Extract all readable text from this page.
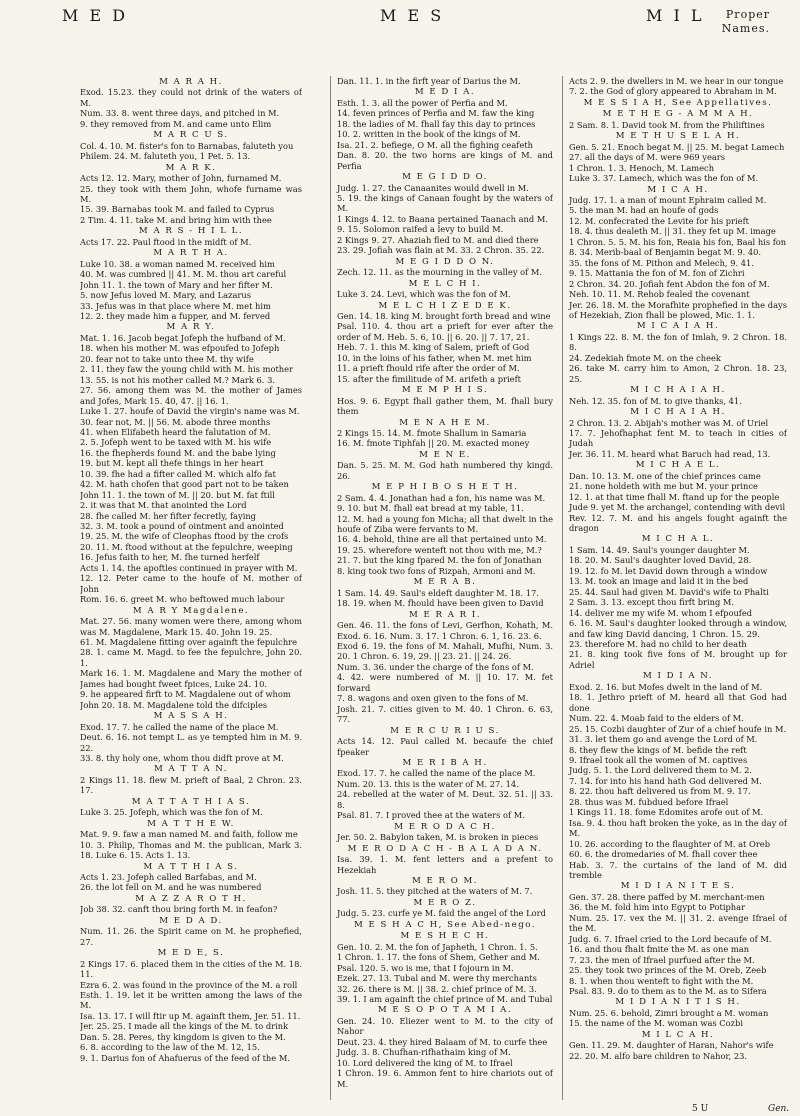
M E D	M E S	M I L	Proper Names.

M A R A H.

Exod. 15.23. they could not drink of the waters of M.

Num. 33. 8. went three days, and pitched in M.

9. they removed from M. and came unto Elim

M A R C U S.

Col. 4. 10. M. fister's fon to Barnabas, faluteth you

Philem. 24. M. faluteth you, 1 Pet. 5. 13.

M A R K.

Acts 12. 12. Mary, mother of John, furnamed M.

25. they took with them John, whofe furname was M.

15. 39. Barnabas took M. and failed to Cyprus

2 Tim. 4. 11. take M. and bring him with thee

M A R S - H I L L.

Acts 17. 22. Paul ftood in the midft of M.

M A R T H A.

Luke 10. 38. a woman named M. received him

40. M. was cumbred || 41. M. M. thou art careful

John 11. 1. the town of Mary and her fifter M.

5. now Jefus loved M. Mary, and Lazarus

33. Jefus was in that place where M. met him

12. 2. they made him a fupper, and M. ferved

M A R Y.

Mat. 1. 16. Jacob begat Jofeph the hufband of M.

18. when his mother M. was efpoufed to Jofeph

20. fear not to take unto thee M. thy wife

2. 11. they faw the young child with M. his mother

13. 55. is not his mother called M.? Mark 6. 3.

27. 56. among them was M. the mother of James and Jofes, Mark 15. 40, 47. || 16. 1.

Luke 1. 27. houfe of David the virgin's name was M.

30. fear not, M. || 56. M. abode three months

41. when Elifabeth heard the falutation of M.

2. 5. Jofeph went to be taxed with M. his wife

16. the fhepherds found M. and the babe lying

19. but M. kept all thefe things in her heart

10. 39. fhe had a fifter called M. which alfo fat

42. M. hath chofen that good part not to be taken

John 11. 1. the town of M. || 20. but M. fat ftill

2. it was that M. that anointed the Lord

28. fhe called M. her fifter fecretly, faying

32. 3. M. took a pound of ointment and anointed

19. 25. M. the wife of Cleophas ftood by the crofs

20. 11. M. ftood without at the fepulchre, weeping

16. Jefus faith to her, M. fhe turned herfelf

Acts 1. 14. the apoftles continued in prayer with M.

12. 12. Peter came to the houfe of M. mother of John

Rom. 16. 6. greet M. who beftowed much labour

M A R Y Magdalene.

Mat. 27. 56. many women were there, among whom was M. Magdalene, Mark 15. 40. John 19. 25.

61. M. Magdalene fitting over againft the fepulchre

28. 1. came M. Magd. to fee the fepulchre, John 20. 1.

Mark 16. 1. M. Magdalene and Mary the mother of James had bought fweet fpices, Luke 24. 10.

9. he appeared firft to M. Magdalene out of whom

John 20. 18. M. Magdalene told the difciples

M A S S A H.

Exod. 17. 7. he called the name of the place M.

Deut. 6. 16. not tempt L. as ye tempted him in M. 9. 22.

33. 8. thy holy one, whom thou didft prove at M.

M A T T A N.

2 Kings 11. 18. flew M. prieft of Baal, 2 Chron. 23. 17.

M A T T A T H I A S.

Luke 3. 25. Jofeph, which was the fon of M.

M A T T H E W.

Mat. 9. 9. faw a man named M. and faith, follow me

10. 3. Philip, Thomas and M. the publican, Mark 3. 18. Luke 6. 15. Acts 1. 13.

M A T T H I A S.

Acts 1. 23. Jofeph called Barfabas, and M.

26. the lot fell on M. and he was numbered

M A Z Z A R O T H.

Job 38. 32. canft thou bring forth M. in feafon?

M E D A D.

Num. 11. 26. the Spirit came on M. he prophefied, 27.

M E D E, S.

2 Kings 17. 6. placed them in the cities of the M. 18. 11.

Ezra 6. 2. was found in the province of the M. a roll

Esth. 1. 19. let it be written among the laws of the M.

Isa. 13. 17. I will ftir up M. againft them, Jer. 51. 11.

Jer. 25. 25. I made all the kings of the M. to drink

Dan. 5. 28. Peres, thy kingdom is given to the M.

6. 8. according to the law of the M. 12, 15.

9. 1. Darius fon of Ahafuerus of the feed of the M.

Dan. 11. 1. in the firft year of Darius the M.

M E D I A.

Esth. 1. 3. all the power of Perfia and M.

14. feven princes of Perfia and M. faw the king

18. the ladies of M. fhall fay this day to princes

10. 2. written in the book of the kings of M.

Isa. 21. 2. befiege, O M. all the fighing ceafeth

Dan. 8. 20. the two horns are kings of M. and Perfia

M E G I D D O.

Judg. 1. 27. the Canaanites would dwell in M.

5. 19. the kings of Canaan fought by the waters of M.

1 Kings 4. 12. to Baana pertained Taanach and M.

9. 15. Solomon raifed a levy to build M.

2 Kings 9. 27. Ahaziah fled to M. and died there

23. 29. Jofiah was flain at M. 33. 2 Chron. 35. 22.

M E G I D D O N.

Zech. 12. 11. as the mourning in the valley of M.

M E L C H I.

Luke 3. 24. Levi, which was the fon of M.

M E L C H I Z E D E K.

Gen. 14. 18. king M. brought forth bread and wine

Psal. 110. 4. thou art a prieft for ever after the order of M. Heb. 5. 6, 10. || 6. 20. || 7. 17, 21.

Heb. 7. 1. this M. king of Salem, prieft of God

10. in the loins of his father, when M. met him

11. a prieft fhould rife after the order of M.

15. after the fimilitude of M. arifeth a prieft

M E M P H I S.

Hos. 9. 6. Egypt fhall gather them, M. fhall bury them

M E N A H E M.

2 Kings 15. 14. M. fmote Shallum in Samaria

16. M. fmote Tiphfah || 20. M. exacted money

M E N E.

Dan. 5. 25. M. M. God hath numbered thy kingd. 26.

M E P H I B O S H E T H.

2 Sam. 4. 4. Jonathan had a fon, his name was M.

9. 10. but M. fhall eat bread at my table, 11.

12. M. had a young fon Micha; all that dwelt in the houfe of Ziba were fervants to M.

16. 4. behold, thine are all that pertained unto M.

19. 25. wherefore wenteft not thou with me, M.?

21. 7. but the king fpared M. the fon of Jonathan

8. king took two fons of Rizpah, Armoni and M.

M E R A B.

1 Sam. 14. 49. Saul's eldeft daughter M. 18. 17.

18. 19. when M. fhould have been given to David

M E R A R I.

Gen. 46. 11. the fons of Levi, Gerfhon, Kohath, M. Exod. 6. 16. Num. 3. 17. 1 Chron. 6. 1, 16. 23. 6.

Exod 6. 19. the fons of M. Mahali, Mufhi, Num. 3. 20. 1 Chron. 6. 19, 29. || 23. 21. || 24. 26.

Num. 3. 36. under the charge of the fons of M.

4. 42. were numbered of M. || 10. 17. M. fet forward

7. 8. wagons and oxen given to the fons of M.

Josh. 21. 7. cities given to M. 40. 1 Chron. 6. 63, 77.

M E R C U R I U S.

Acts 14. 12. Paul called M. becaufe the chief fpeaker

M E R I B A H.

Exod. 17. 7. he called the name of the place M.

Num. 20. 13. this is the water of M. 27. 14.

24. rebelled at the water of M. Deut. 32. 51. || 33. 8.

Psal. 81. 7. I proved thee at the waters of M.

M E R O D A C H.

Jer. 50. 2. Babylon taken, M. is broken in pieces

M E R O D A C H - B A L A D A N.

Isa. 39. 1. M. fent letters and a prefent to Hezekiah

M E R O M.

Josh. 11. 5. they pitched at the waters of M. 7.

M E R O Z.

Judg. 5. 23. curfe ye M. faid the angel of the Lord

M E S H A C H, See Abed-nego.

M E S H E C H.

Gen. 10. 2. M. the fon of Japheth, 1 Chron. 1. 5.

1 Chron. 1. 17. the fons of Shem, Gether and M.

Psal. 120. 5. wo is me, that I fojourn in M.

Ezek. 27. 13. Tubal and M. were thy merchants

32. 26. there is M. || 38. 2. chief prince of M. 3.

39. 1. I am againft the chief prince of M. and Tubal

M E S O P O T A M I A.

Gen. 24. 10. Eliezer went to M. to the city of Nahor

Deut. 23. 4. they hired Balaam of M. to curfe thee

Judg. 3. 8. Chufhan-rifhathaim king of M.

10. Lord delivered the king of M. to Ifrael

1 Chron. 19. 6. Ammon fent to hire chariots out of M.

Acts 2. 9. the dwellers in M. we hear in our tongue

7. 2. the God of glory appeared to Abraham in M.

M E S S I A H, See Appellatives.

M E T H E G - A M M A H.

2 Sam. 8. 1. David took M. from the Philiftines

M E T H U S E L A H.

Gen. 5. 21. Enoch begat M. || 25. M. begat Lamech

27. all the days of M. were 969 years

1 Chron. 1. 3. Henoch, M. Lamech

Luke 3. 37. Lamech, which was the fon of M.

M I C A H.

Judg. 17. 1. a man of mount Ephraim called M.

5. the man M. had an houfe of gods

12. M. confecrated the Levite for his prieft

18. 4. thus dealeth M. || 31. they fet up M. image

1 Chron. 5. 5. M. his fon, Reaia his fon, Baal his fon

8. 34. Merib-baal of Benjamin begat M. 9. 40.

35. the fons of M. Pithon and Melech, 9. 41.

9. 15. Mattania the fon of M. fon of Zichri

2 Chron. 34. 20. Jofiah fent Abdon the fon of M.

Neh. 10. 11. M. Rehob fealed the covenant

Jer. 26. 18. M. the Morafhite prophefied in the days of Hezekiah, Zion fhall be plowed, Mic. 1. 1.

M I C A I A H.

1 Kings 22. 8. M. the fon of Imlah, 9. 2 Chron. 18. 8.

24. Zedekiah fmote M. on the cheek

26. take M. carry him to Amon, 2 Chron. 18. 23, 25.

M I C H A I A H.

Neh. 12. 35. fon of M. to give thanks, 41.

M I C H A I A H.

2 Chron. 13. 2. Abijah's mother was M. of Uriel

17. 7. Jehofhaphat fent M. to teach in cities of Judah

Jer. 36. 11. M. heard what Baruch had read, 13.

M I C H A E L.

Dan. 10. 13. M. one of the chief princes came

21. none holdeth with me but M. your prince

12. 1. at that time fhall M. ftand up for the people

Jude 9. yet M. the archangel, contending with devil

Rev. 12. 7. M. and his angels fought againft the dragon

M I C H A L.

1 Sam. 14. 49. Saul's younger daughter M.

18. 20. M. Saul's daughter loved David, 28.

19. 12. fo M. let David down through a window

13. M. took an image and laid it in the bed

25. 44. Saul had given M. David's wife to Phalti

2 Sam. 3. 13. except thou firft bring M.

14. deliver me my wife M. whom I efpoufed

6. 16. M. Saul's daughter looked through a window, and faw king David dancing, 1 Chron. 15. 29.

23. therefore M. had no child to her death

21. 8. king took five fons of M. brought up for Adriel

M I D I A N.

Exod. 2. 16. but Mofes dwelt in the land of M.

18. 1. Jethro prieft of M. heard all that God had done

Num. 22. 4. Moab faid to the elders of M.

25. 15. Cozbi daughter of Zur of a chief houfe in M.

31. 3. let them go and avenge the Lord of M.

8. they flew the kings of M. befide the reft

9. Ifrael took all the women of M. captives

Judg. 5. 1. the Lord delivered them to M. 2.

7. 14. for into his hand hath God delivered M.

8. 22. thou haft delivered us from M. 9. 17.

28. thus was M. fubdued before Ifrael

1 Kings 11. 18. fome Edomites arofe out of M.

Isa. 9. 4. thou haft broken the yoke, as in the day of M.

10. 26. according to the flaughter of M. at Oreb

60. 6. the dromedaries of M. fhall cover thee

Hab. 3. 7. the curtains of the land of M. did tremble

M I D I A N I T E S.

Gen. 37. 28. there paffed by M. merchant-men

36. the M. fold him into Egypt to Potiphar

Num. 25. 17. vex the M. || 31. 2. avenge Ifrael of the M.

Judg. 6. 7. Ifrael cried to the Lord becaufe of M.

16. and thou fhalt fmite the M. as one man

7. 23. the men of Ifrael purfued after the M.

25. they took two princes of the M. Oreb, Zeeb

8. 1. when thou wenteft to fight with the M.

Psal. 83. 9. do to them as to the M. as to Sifera

M I D I A N I T I S H.

Num. 25. 6. behold, Zimri brought a M. woman

15. the name of the M. woman was Cozbi

M I L C A H.

Gen. 11. 29. M. daughter of Haran, Nahor's wife

22. 20. M. alfo bare children to Nahor, 23.

5 U	Gen.
